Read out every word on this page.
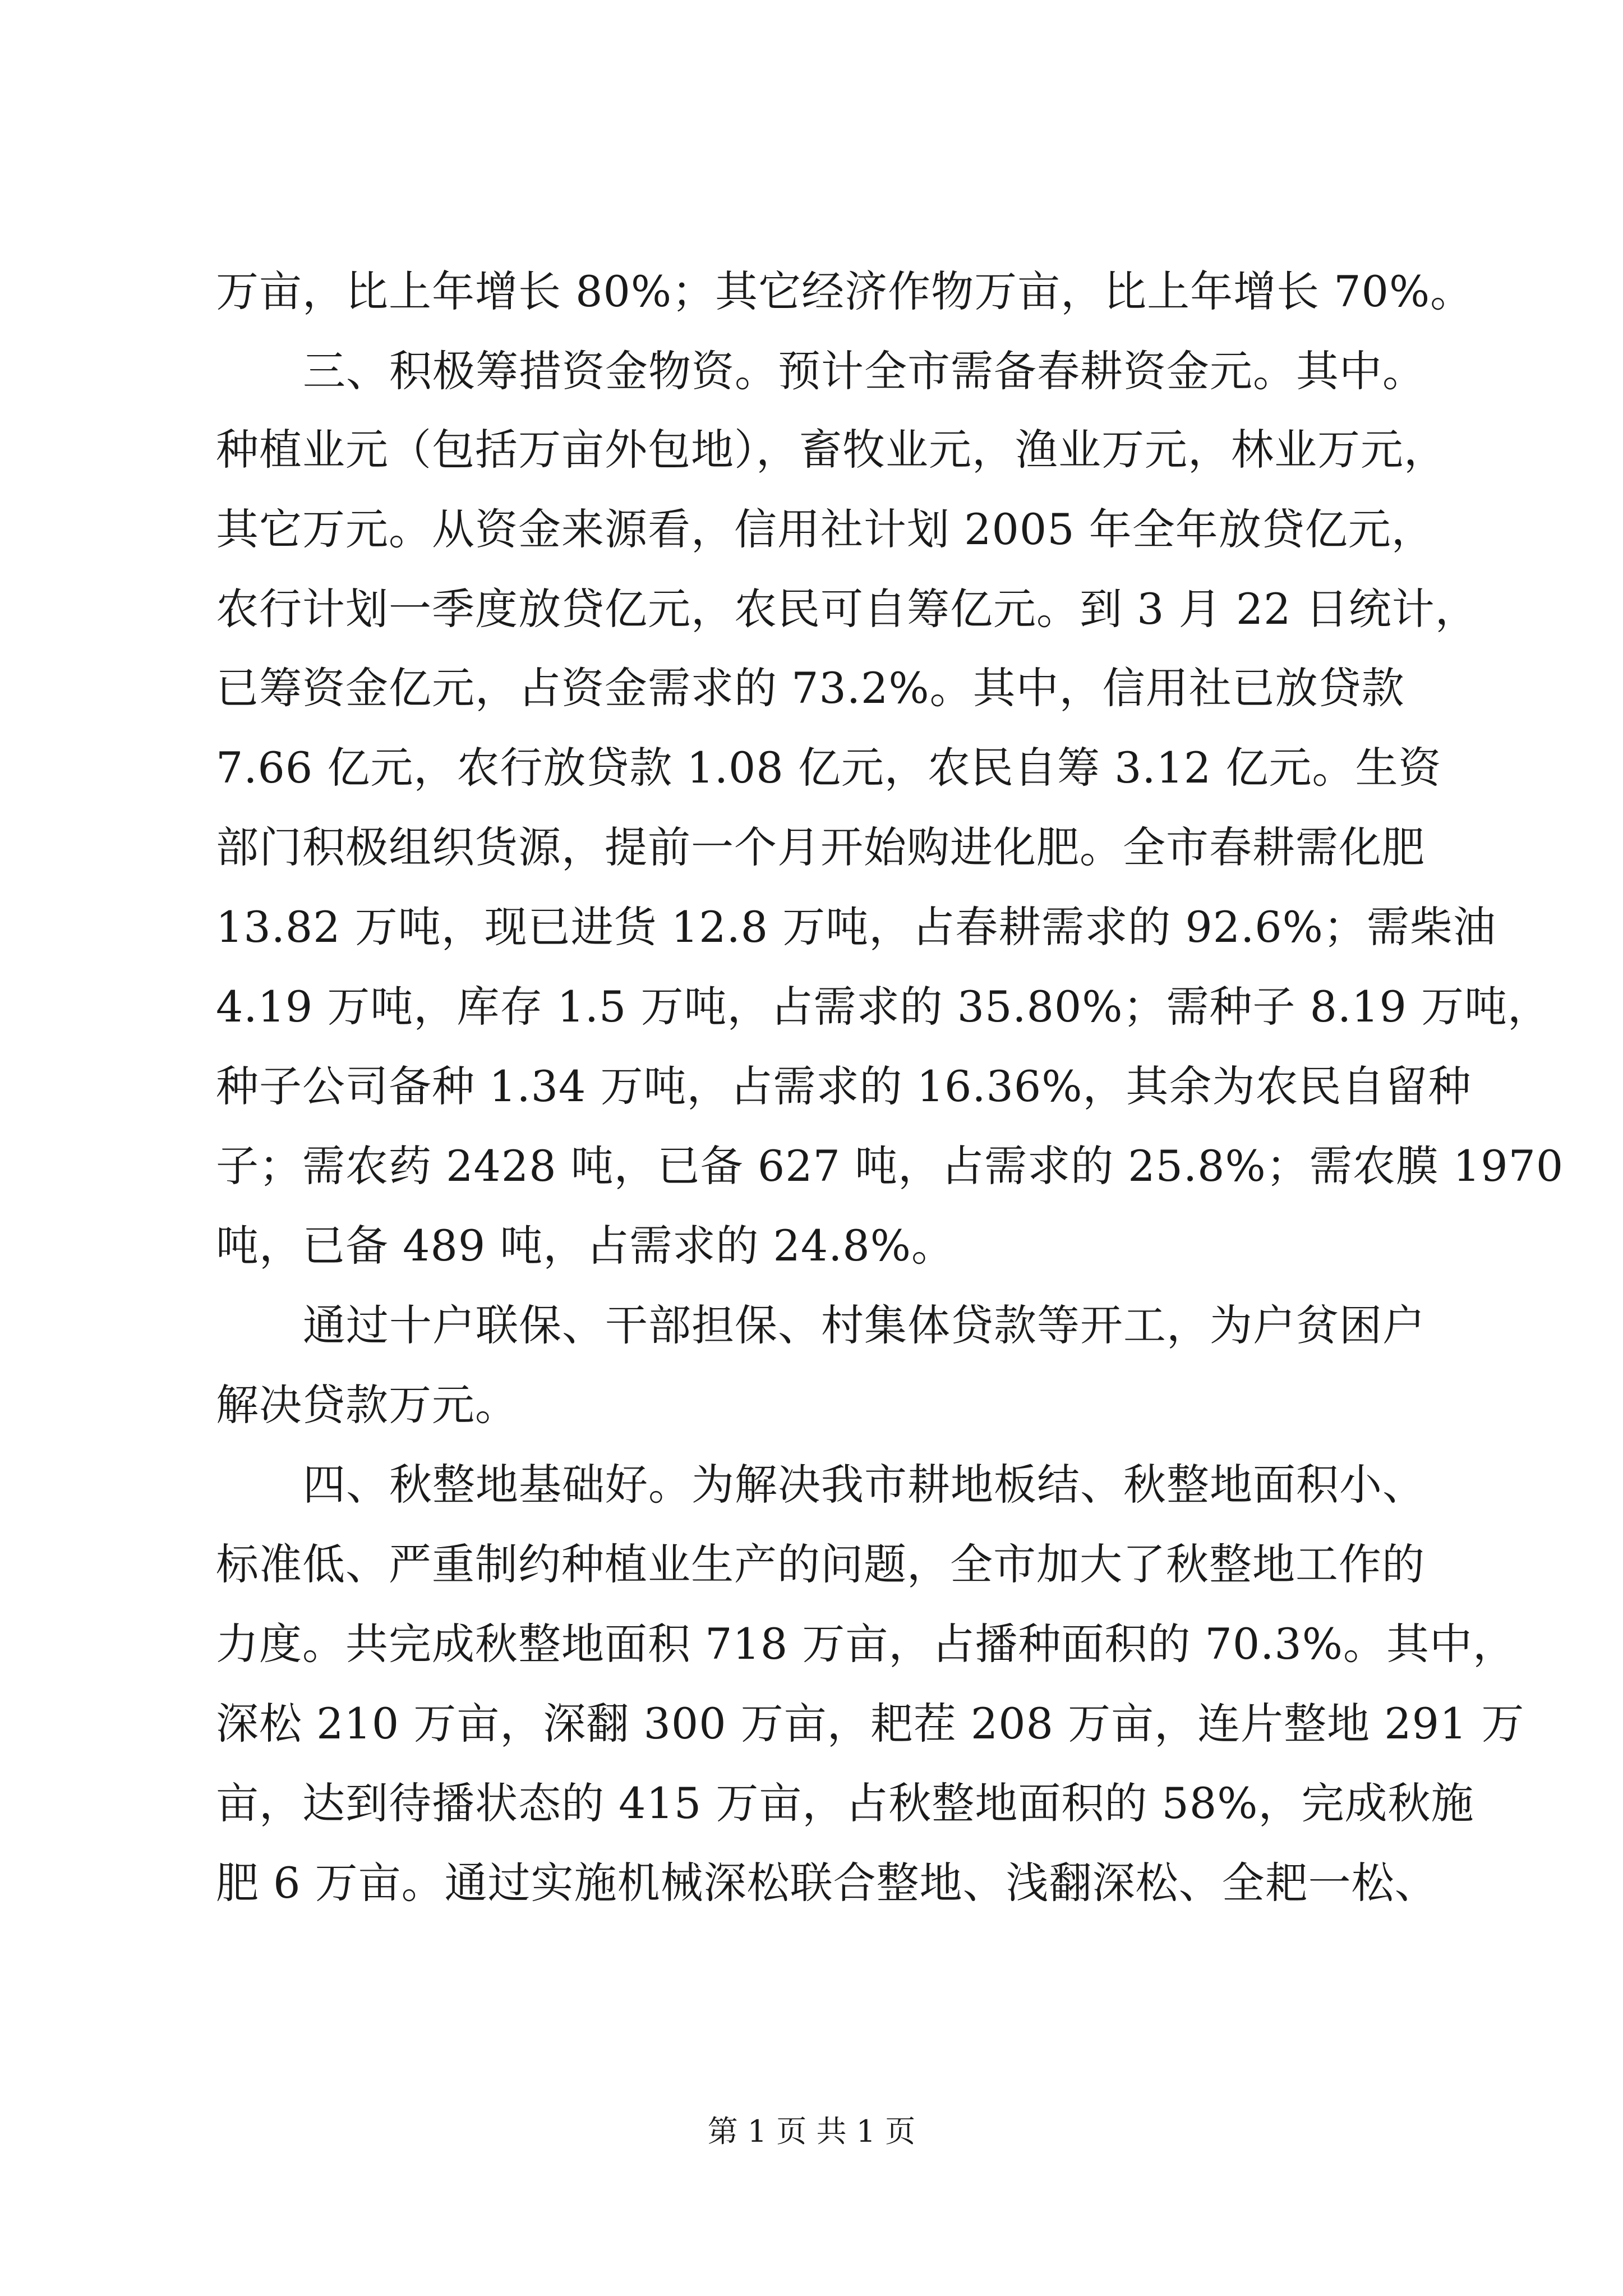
万亩，比上年增长 80%；其它经济作物万亩，比上年增长 70%。
三、积极筹措资金物资。预计全市需备春耕资金元。其中。
种植业元（包括万亩外包地），畜牧业元，渔业万元，林业万元，
其它万元。从资金来源看，信用社计划 2005 年全年放贷亿元，
农行计划一季度放贷亿元，农民可自筹亿元。到 3 月 22 日统计，
已筹资金亿元，占资金需求的 73.2%。其中，信用社已放贷款
7.66 亿元，农行放贷款 1.08 亿元，农民自筹 3.12 亿元。生资
部门积极组织货源，提前一个月开始购进化肥。全市春耕需化肥
13.82 万吨，现已进货 12.8 万吨，占春耕需求的 92.6%；需柴油
4.19 万吨，库存 1.5 万吨，占需求的 35.80%；需种子 8.19 万吨，
种子公司备种 1.34 万吨，占需求的 16.36%，其余为农民自留种
子；需农药 2428 吨，已备 627 吨，占需求的 25.8%；需农膜 1970
吨，已备 489 吨，占需求的 24.8%。
通过十户联保、干部担保、村集体贷款等开工，为户贫困户
解决贷款万元。
四、秋整地基础好。为解决我市耕地板结、秋整地面积小、
标准低、严重制约种植业生产的问题，全市加大了秋整地工作的
力度。共完成秋整地面积 718 万亩，占播种面积的 70.3%。其中，
深松 210 万亩，深翻 300 万亩，耙茬 208 万亩，连片整地 291 万
亩，达到待播状态的 415 万亩，占秋整地面积的 58%，完成秋施
肥 6 万亩。通过实施机械深松联合整地、浅翻深松、全耙一松、
第 1 页 共 1 页
